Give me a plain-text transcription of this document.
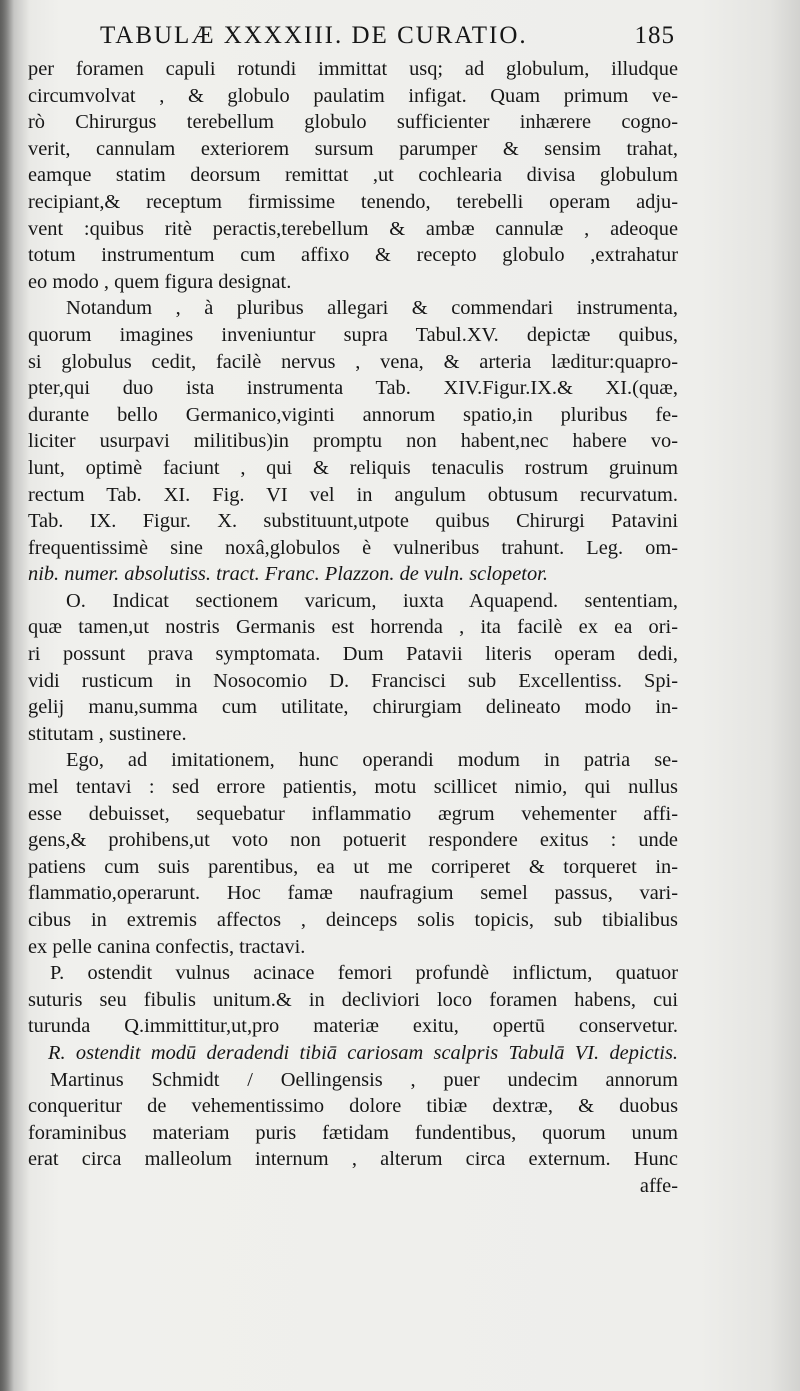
TABULÆ XXXXIII. DE CURATIO.	185
per foramen capuli rotundi immittat usq; ad globulum, illudque
circumvolvat , & globulo paulatim infigat. Quam primum ve-
rò Chirurgus terebellum globulo sufficienter inhærere cogno-
verit, cannulam exteriorem sursum parumper & sensim trahat,
eamque statim deorsum remittat ,ut cochlearia divisa globulum
recipiant,& receptum firmissime tenendo, terebelli operam adju-
vent :quibus ritè peractis,terebellum & ambæ cannulæ , adeoque
totum instrumentum cum affixo & recepto globulo ,extrahatur
eo modo , quem figura designat.
Notandum , à pluribus allegari & commendari instrumenta,
quorum imagines inveniuntur supra Tabul.XV. depictæ quibus,
si globulus cedit, facilè nervus , vena, & arteria læditur:quapro-
pter,qui duo ista instrumenta Tab. XIV.Figur.IX.& XI.(quæ,
durante bello Germanico,viginti annorum spatio,in pluribus fe-
liciter usurpavi militibus)in promptu non habent,nec habere vo-
lunt, optimè faciunt , qui & reliquis tenaculis rostrum gruinum
rectum Tab. XI. Fig. VI vel in angulum obtusum recurvatum.
Tab. IX. Figur. X. substituunt,utpote quibus Chirurgi Patavini
frequentissimè sine noxâ,globulos è vulneribus trahunt. Leg. om-
nib. numer. absolutiss. tract. Franc. Plazzon. de vuln. sclopetor.
O. Indicat sectionem varicum, iuxta Aquapend. sententiam,
quæ tamen,ut nostris Germanis est horrenda , ita facilè ex ea ori-
ri possunt prava symptomata. Dum Patavii literis operam dedi,
vidi rusticum in Nosocomio D. Francisci sub Excellentiss. Spi-
gelij manu,summa cum utilitate, chirurgiam delineato modo in-
stitutam , sustinere.
Ego, ad imitationem, hunc operandi modum in patria se-
mel tentavi : sed errore patientis, motu scillicet nimio, qui nullus
esse debuisset, sequebatur inflammatio ægrum vehementer affi-
gens,& prohibens,ut voto non potuerit respondere exitus : unde
patiens cum suis parentibus, ea ut me corriperet & torqueret in-
flammatio,operarunt. Hoc famæ naufragium semel passus, vari-
cibus in extremis affectos , deinceps solis topicis, sub tibialibus
ex pelle canina confectis, tractavi.
P. ostendit vulnus acinace femori profundè inflictum, quatuor
suturis seu fibulis unitum.& in decliviori loco foramen habens, cui
turunda Q.immittitur,ut,pro materiæ exitu, opertū conservetur.
R. ostendit modū deradendi tibiā cariosam scalpris Tabulā VI. depictis.
Martinus Schmidt / Oellingensis , puer undecim annorum
conqueritur de vehementissimo dolore tibiæ dextræ, & duobus
foraminibus materiam puris fætidam fundentibus, quorum unum
erat circa malleolum internum , alterum circa externum. Hunc
affe-
